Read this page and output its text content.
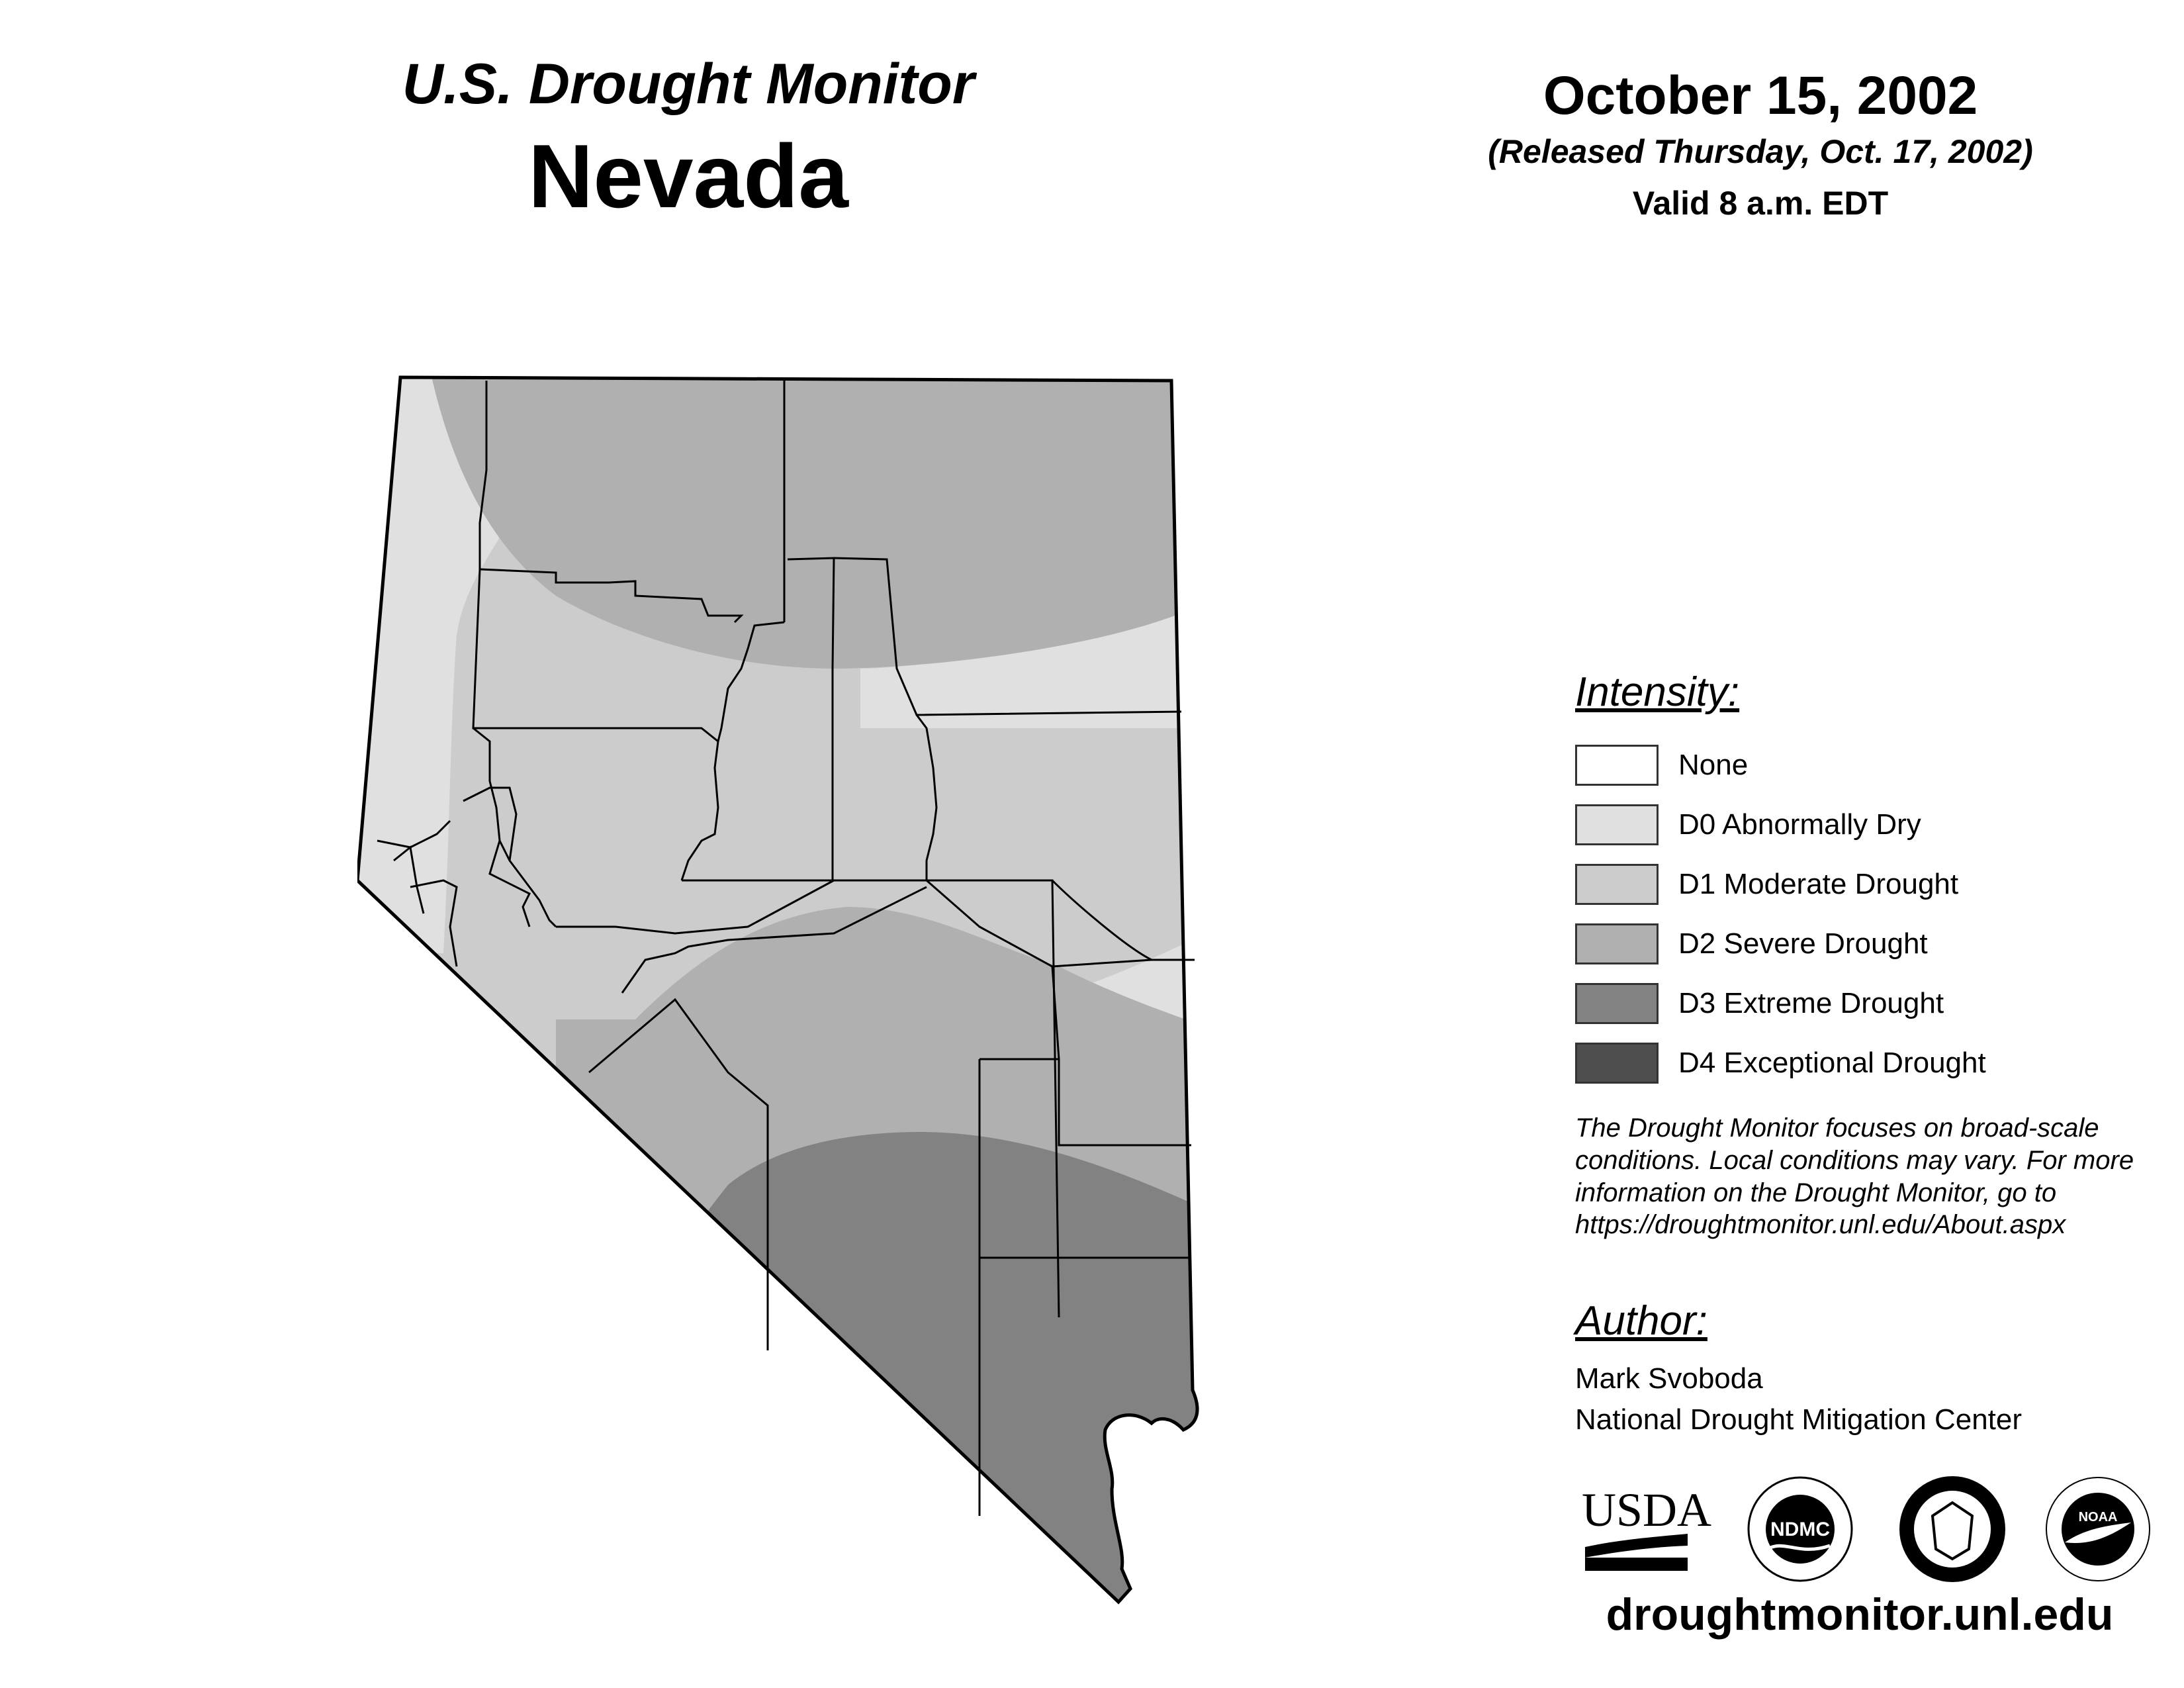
U.S. Drought Monitor
Nevada
October 15, 2002
(Released Thursday, Oct. 17, 2002)
Valid 8 a.m. EDT
Intensity:
None
D0 Abnormally Dry
D1 Moderate Drought
D2 Severe Drought
D3 Extreme Drought
D4 Exceptional Drought
The Drought Monitor focuses on broad-scale conditions. Local conditions may vary. For more information on the Drought Monitor, go to https://droughtmonitor.unl.edu/About.aspx
Author:
Mark Svoboda
National Drought Mitigation Center
USDA	NDMC
NOAA
droughtmonitor.unl.edu
